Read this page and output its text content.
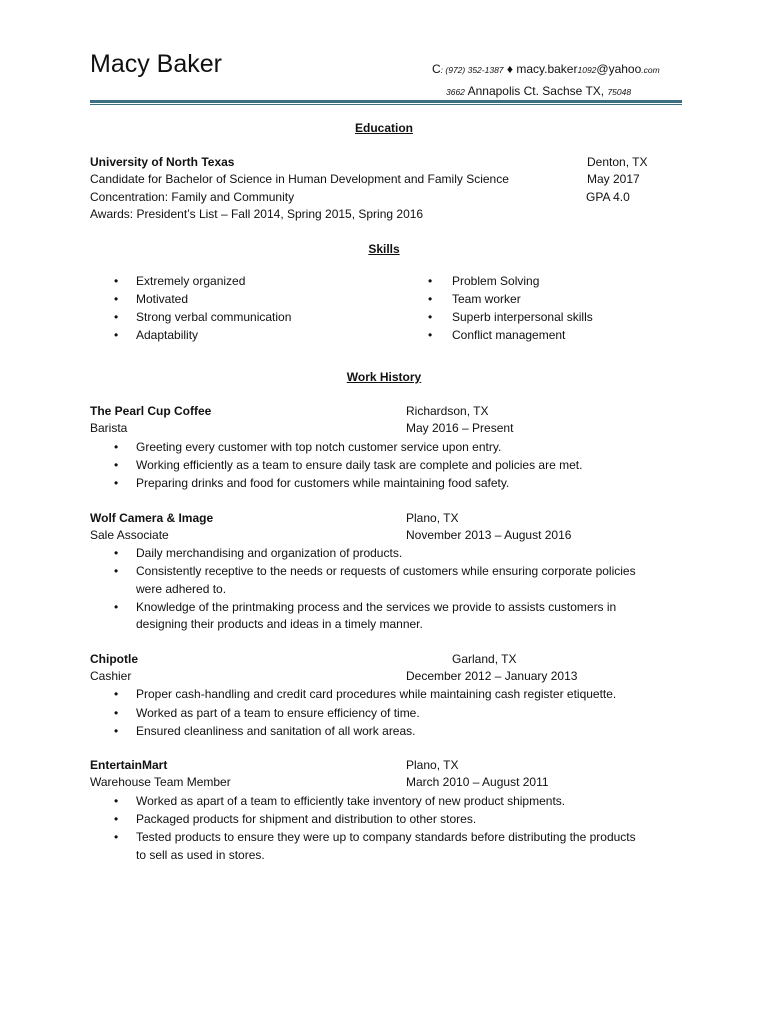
Macy Baker	C: (972) 352-1387 ♦ macy.baker1092@yahoo.com
3662 Annapolis Ct. Sachse TX, 75048
Education
University of North Texas	Denton, TX
Candidate for Bachelor of Science in Human Development and Family Science	May 2017
Concentration: Family and Community	GPA 4.0
Awards: President’s List – Fall 2014, Spring 2015, Spring 2016
Skills
• Extremely organized
• Motivated
• Strong verbal communication
• Adaptability
• Problem Solving
• Team worker
• Superb interpersonal skills
• Conflict management
Work History
The Pearl Cup Coffee	Richardson, TX
Barista	May 2016 – Present
• Greeting every customer with top notch customer service upon entry.
• Working efficiently as a team to ensure daily task are complete and policies are met.
• Preparing drinks and food for customers while maintaining food safety.
Wolf Camera & Image	Plano, TX
Sale Associate	November 2013 – August 2016
• Daily merchandising and organization of products.
• Consistently receptive to the needs or requests of customers while ensuring corporate policies
were adhered to.
• Knowledge of the printmaking process and the services we provide to assists customers in
designing their products and ideas in a timely manner.
Chipotle	Garland, TX
Cashier	December 2012 – January 2013
• Proper cash-handling and credit card procedures while maintaining cash register etiquette.
• Worked as part of a team to ensure efficiency of time.
• Ensured cleanliness and sanitation of all work areas.
EntertainMart	Plano, TX
Warehouse Team Member	March 2010 – August 2011
• Worked as apart of a team to efficiently take inventory of new product shipments.
• Packaged products for shipment and distribution to other stores.
• Tested products to ensure they were up to company standards before distributing the products
to sell as used in stores.
